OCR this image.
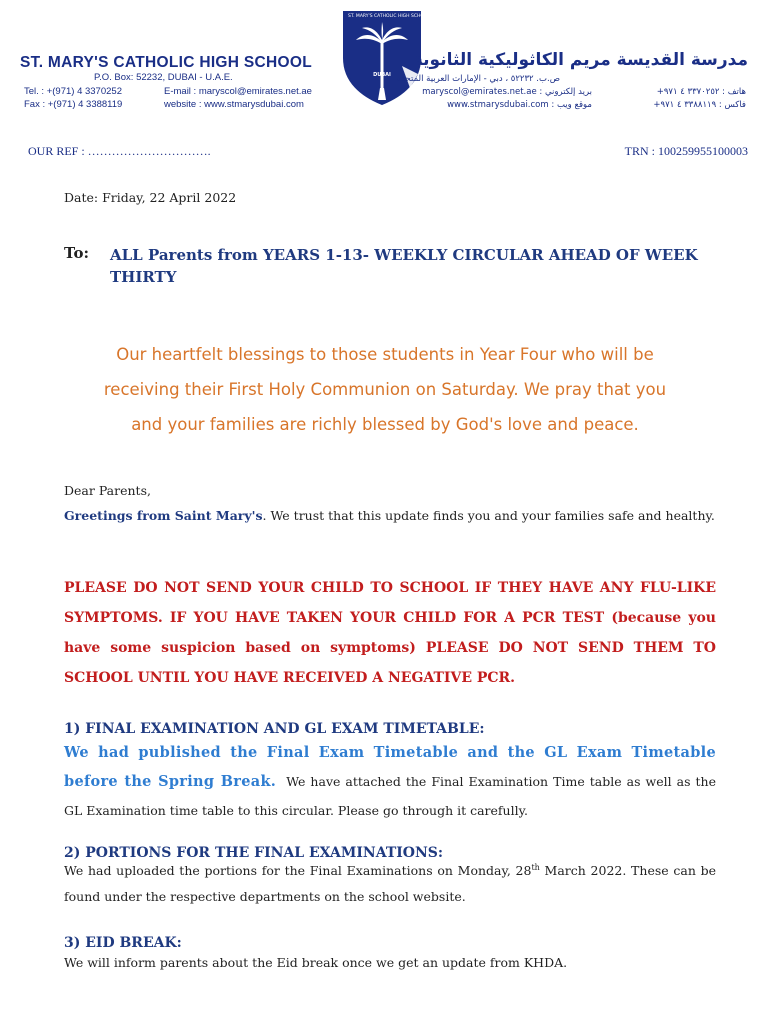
ST. MARY'S CATHOLIC HIGH SCHOOL
P.O. Box: 52232, DUBAI - U.A.E.
Tel. : +(971) 4 3370252
Fax : +(971) 4 3388119
E-mail : maryscol@emirates.net.ae
website : www.stmarysdubai.com
ST. MARY'S CATHOLIC HIGH SCHOOL
DUBAI
مدرسة القديسة مريم الكاثوليكية الثانوية
ص.ب. ٥٢٢٣٢ ، دبي - الإمارات العربية المتحدة
بريد إلكتروني : maryscol@emirates.net.ae
موقع ويب : www.stmarysdubai.com
هاتف : ٣٣٧٠٢٥٢ ٤ ٩٧١+
فاكس : ٣٣٨٨١١٩ ٤ ٩٧١+
OUR REF : ………………………….	TRN : 100259955100003
Date: Friday, 22 April 2022
To: ALL Parents from YEARS 1-13- WEEKLY CIRCULAR AHEAD OF WEEK THIRTY
Our heartfelt blessings to those students in Year Four who will be
receiving their First Holy Communion on Saturday. We pray that you
and your families are richly blessed by God's love and peace.
Dear Parents,
Greetings from Saint Mary's. We trust that this update finds you and your families safe and healthy.
PLEASE DO NOT SEND YOUR CHILD TO SCHOOL IF THEY HAVE ANY FLU-LIKE SYMPTOMS. IF YOU HAVE TAKEN YOUR CHILD FOR A PCR TEST (because you have some suspicion based on symptoms) PLEASE DO NOT SEND THEM TO SCHOOL UNTIL YOU HAVE RECEIVED A NEGATIVE PCR.
1) FINAL EXAMINATION AND GL EXAM TIMETABLE:
We had published the Final Exam Timetable and the GL Exam Timetable before the Spring Break. We have attached the Final Examination Time table as well as the GL Examination time table to this circular. Please go through it carefully.
2) PORTIONS FOR THE FINAL EXAMINATIONS:
We had uploaded the portions for the Final Examinations on Monday, 28th March 2022. These can be found under the respective departments on the school website.
3) EID BREAK:
We will inform parents about the Eid break once we get an update from KHDA.
